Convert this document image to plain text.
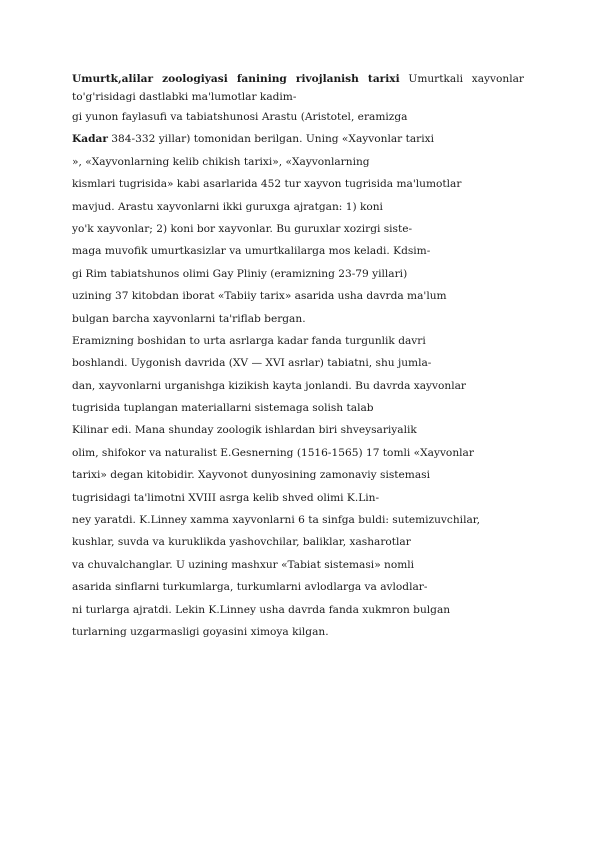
Umurtk,alilar zoologiyasi fanining rivojlanish tarixi Umurtkali xayvonlar
to'g'risidagi dastlabki ma'lumotlar kadim-
gi yunon faylasufi va tabiatshunosi Arastu (Aristotel, eramizga
Kadar 384-332 yillar) tomonidan berilgan. Uning «Xayvonlar tarixi
», «Xayvonlarning kelib chikish tarixi», «Xayvonlarning
kismlari tugrisida» kabi asarlarida 452 tur xayvon tugrisida ma'lumotlar
mavjud. Arastu xayvonlarni ikki guruxga ajratgan: 1) koni
yo'k xayvonlar; 2) koni bor xayvonlar. Bu guruxlar xozirgi siste-
maga muvofik umurtkasizlar va umurtkalilarga mos keladi. Kdsim-
gi Rim tabiatshunos olimi Gay Pliniy (eramizning 23-79 yillari)
uzining 37 kitobdan iborat «Tabiiy tarix» asarida usha davrda ma'lum
bulgan barcha xayvonlarni ta'riflab bergan.
Eramizning boshidan to urta asrlarga kadar fanda turgunlik davri
boshlandi. Uygonish davrida (XV — XVI asrlar) tabiatni, shu jumla-
dan, xayvonlarni urganishga kizikish kayta jonlandi. Bu davrda xayvonlar
tugrisida tuplangan materiallarni sistemaga solish talab
Kilinar edi. Mana shunday zoologik ishlardan biri shveysariyalik
olim, shifokor va naturalist E.Gesnerning (1516-1565) 17 tomli «Xayvonlar
tarixi» degan kitobidir. Xayvonot dunyosining zamonaviy sistemasi
tugrisidagi ta'limotni XVIII asrga kelib shved olimi K.Lin-
ney yaratdi. K.Linney xamma xayvonlarni 6 ta sinfga buldi: sutemizuvchilar,
kushlar, suvda va kuruklikda yashovchilar, baliklar, xasharotlar
va chuvalchanglar. U uzining mashxur «Tabiat sistemasi» nomli
asarida sinflarni turkumlarga, turkumlarni avlodlarga va avlodlar-
ni turlarga ajratdi. Lekin K.Linney usha davrda fanda xukmron bulgan
turlarning uzgarmasligi goyasini ximoya kilgan.
